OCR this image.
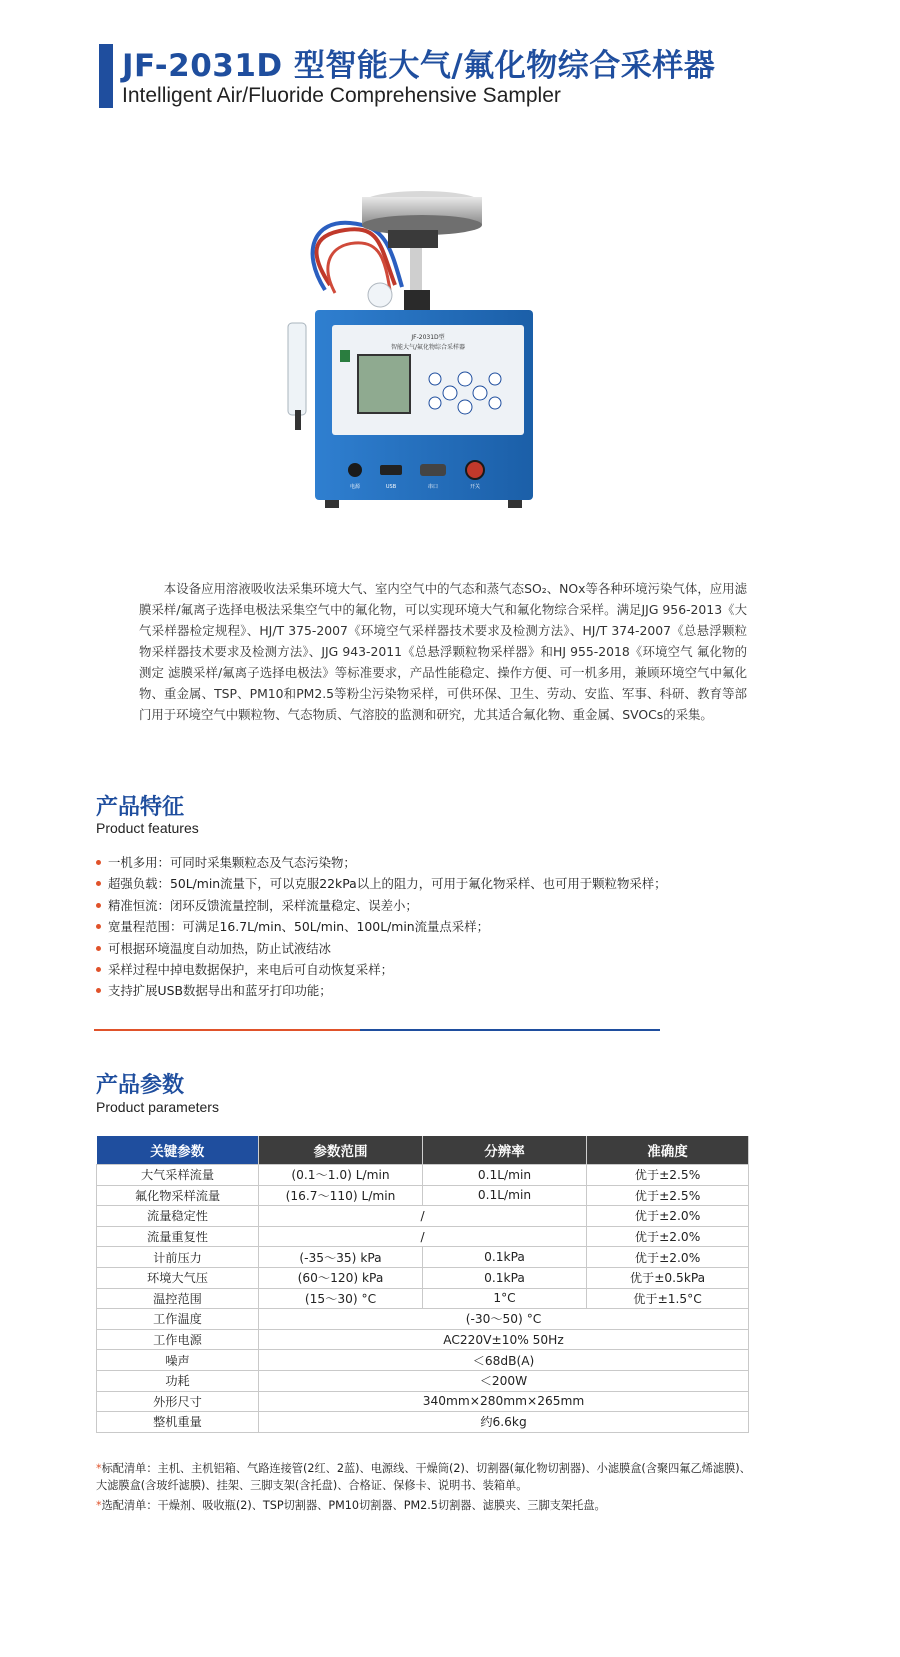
JF-2031D 型智能大气/氟化物综合采样器
Intelligent Air/Fluoride Comprehensive Sampler
JF-2031D型
智能大气/氟化物综合采样器
电源	USB	串口	开关

本设备应用溶液吸收法采集环境大气、室内空气中的气态和蒸气态SO₂、NOx等各种环境污染气体，应用滤膜采样/氟离子选择电极法采集空气中的氟化物，可以实现环境大气和氟化物综合采样。满足JJG 956-2013《大气采样器检定规程》、HJ/T 375-2007《环境空气采样器技术要求及检测方法》、HJ/T 374-2007《总悬浮颗粒物采样器技术要求及检测方法》、JJG 943-2011《总悬浮颗粒物采样器》和HJ 955-2018《环境空气 氟化物的测定 滤膜采样/氟离子选择电极法》等标准要求，产品性能稳定、操作方便、可一机多用，兼顾环境空气中氟化物、重金属、TSP、PM10和PM2.5等粉尘污染物采样，可供环保、卫生、劳动、安监、军事、科研、教育等部门用于环境空气中颗粒物、气态物质、气溶胶的监测和研究，尤其适合氟化物、重金属、SVOCs的采集。

产品特征
Product features
一机多用：可同时采集颗粒态及气态污染物；
超强负载：50L/min流量下，可以克服22kPa以上的阻力，可用于氟化物采样、也可用于颗粒物采样；
精准恒流：闭环反馈流量控制，采样流量稳定、误差小；
宽量程范围：可满足16.7L/min、50L/min、100L/min流量点采样；
可根据环境温度自动加热，防止试液结冰
采样过程中掉电数据保护，来电后可自动恢复采样；
支持扩展USB数据导出和蓝牙打印功能；
产品参数
Product parameters
关键参数	参数范围	分辨率	准确度
大气采样流量	(0.1～1.0) L/min	0.1L/min	优于±2.5%
氟化物采样流量	(16.7～110) L/min	0.1L/min	优于±2.5%
流量稳定性	/		优于±2.0%
流量重复性	/		优于±2.0%
计前压力	(-35～35) kPa	0.1kPa	优于±2.0%
环境大气压	(60～120) kPa	0.1kPa	优于±0.5kPa
温控范围	(15～30) °C	1°C	优于±1.5°C
工作温度	(-30～50) °C		
工作电源	AC220V±10% 50Hz		
噪声	＜68dB(A)		
功耗	＜200W		
外形尺寸	340mm×280mm×265mm		
整机重量	约6.6kg		

*标配清单：主机、主机铝箱、气路连接管(2红、2蓝)、电源线、干燥筒(2)、切割器(氟化物切割器)、小滤膜盒(含聚四氟乙烯滤膜)、大滤膜盒(含玻纤滤膜)、挂架、三脚支架(含托盘)、合格证、保修卡、说明书、装箱单。

*选配清单：干燥剂、吸收瓶(2)、TSP切割器、PM10切割器、PM2.5切割器、滤膜夹、三脚支架托盘。
